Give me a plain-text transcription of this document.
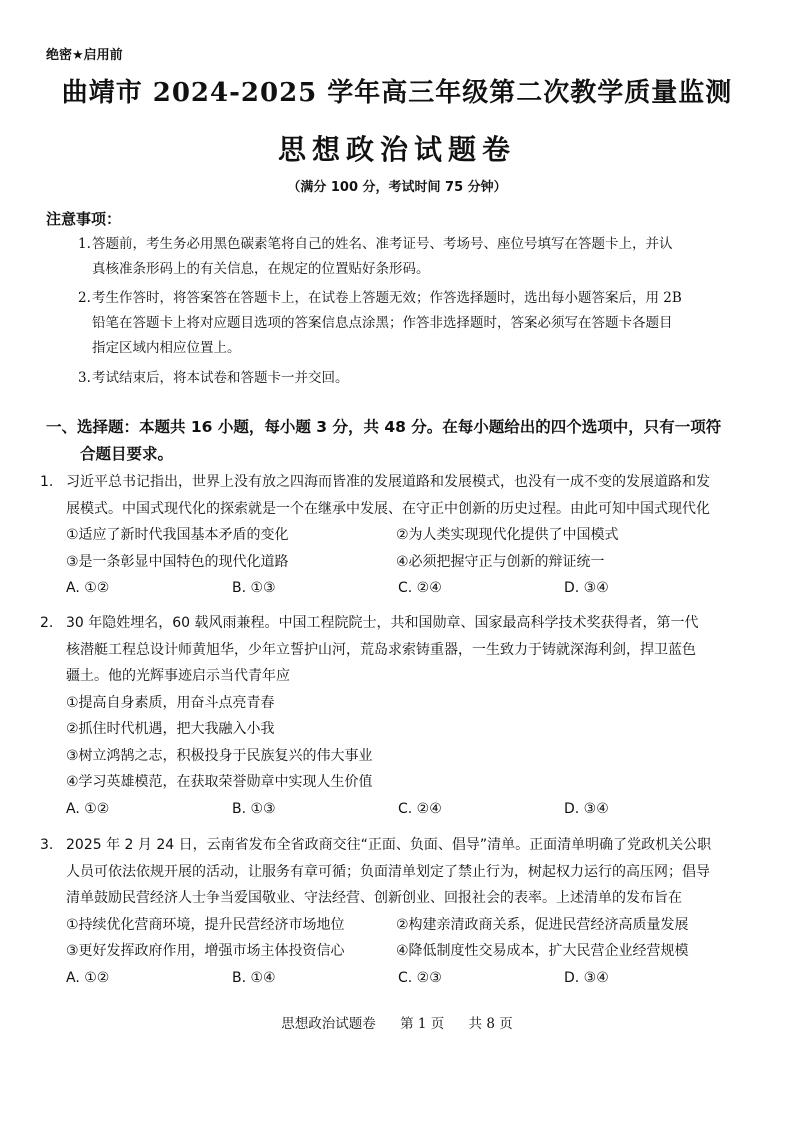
绝密★启用前
曲靖市 2024-2025 学年高三年级第二次教学质量监测
思想政治试题卷
（满分 100 分，考试时间 75 分钟）
注意事项：
1.答题前，考生务必用黑色碳素笔将自己的姓名、准考证号、考场号、座位号填写在答题卡上，并认
真核准条形码上的有关信息，在规定的位置贴好条形码。
2.考生作答时，将答案答在答题卡上，在试卷上答题无效；作答选择题时，选出每小题答案后，用 2B
铅笔在答题卡上将对应题目选项的答案信息点涂黑；作答非选择题时，答案必须写在答题卡各题目
指定区域内相应位置上。
3.考试结束后，将本试卷和答题卡一并交回。
一、选择题：本题共 16 小题，每小题 3 分，共 48 分。在每小题给出的四个选项中，只有一项符
合题目要求。
1. 习近平总书记指出，世界上没有放之四海而皆准的发展道路和发展模式，也没有一成不变的发展道路和发
展模式。中国式现代化的探索就是一个在继承中发展、在守正中创新的历史过程。由此可知中国式现代化
①适应了新时代我国基本矛盾的变化	②为人类实现现代化提供了中国模式
③是一条彰显中国特色的现代化道路	④必须把握守正与创新的辩证统一
A. ①②	B. ①③	C. ②④	D. ③④
2. 30 年隐姓埋名，60 载风雨兼程。中国工程院院士，共和国勋章、国家最高科学技术奖获得者，第一代
核潜艇工程总设计师黄旭华，少年立誓护山河，荒岛求索铸重器，一生致力于铸就深海利剑，捍卫蓝色
疆土。他的光辉事迹启示当代青年应
①提高自身素质，用奋斗点亮青春
②抓住时代机遇，把大我融入小我
③树立鸿鹄之志，积极投身于民族复兴的伟大事业
④学习英雄模范，在获取荣誉勋章中实现人生价值
A. ①②	B. ①③	C. ②④	D. ③④
3. 2025 年 2 月 24 日，云南省发布全省政商交往“正面、负面、倡导”清单。正面清单明确了党政机关公职
人员可依法依规开展的活动，让服务有章可循；负面清单划定了禁止行为，树起权力运行的高压网；倡导
清单鼓励民营经济人士争当爱国敬业、守法经营、创新创业、回报社会的表率。上述清单的发布旨在
①持续优化营商环境，提升民营经济市场地位	②构建亲清政商关系，促进民营经济高质量发展
③更好发挥政府作用，增强市场主体投资信心	④降低制度性交易成本，扩大民营企业经营规模
A. ①②	B. ①④	C. ②③	D. ③④
思想政治试题卷 第 1 页 共 8 页
